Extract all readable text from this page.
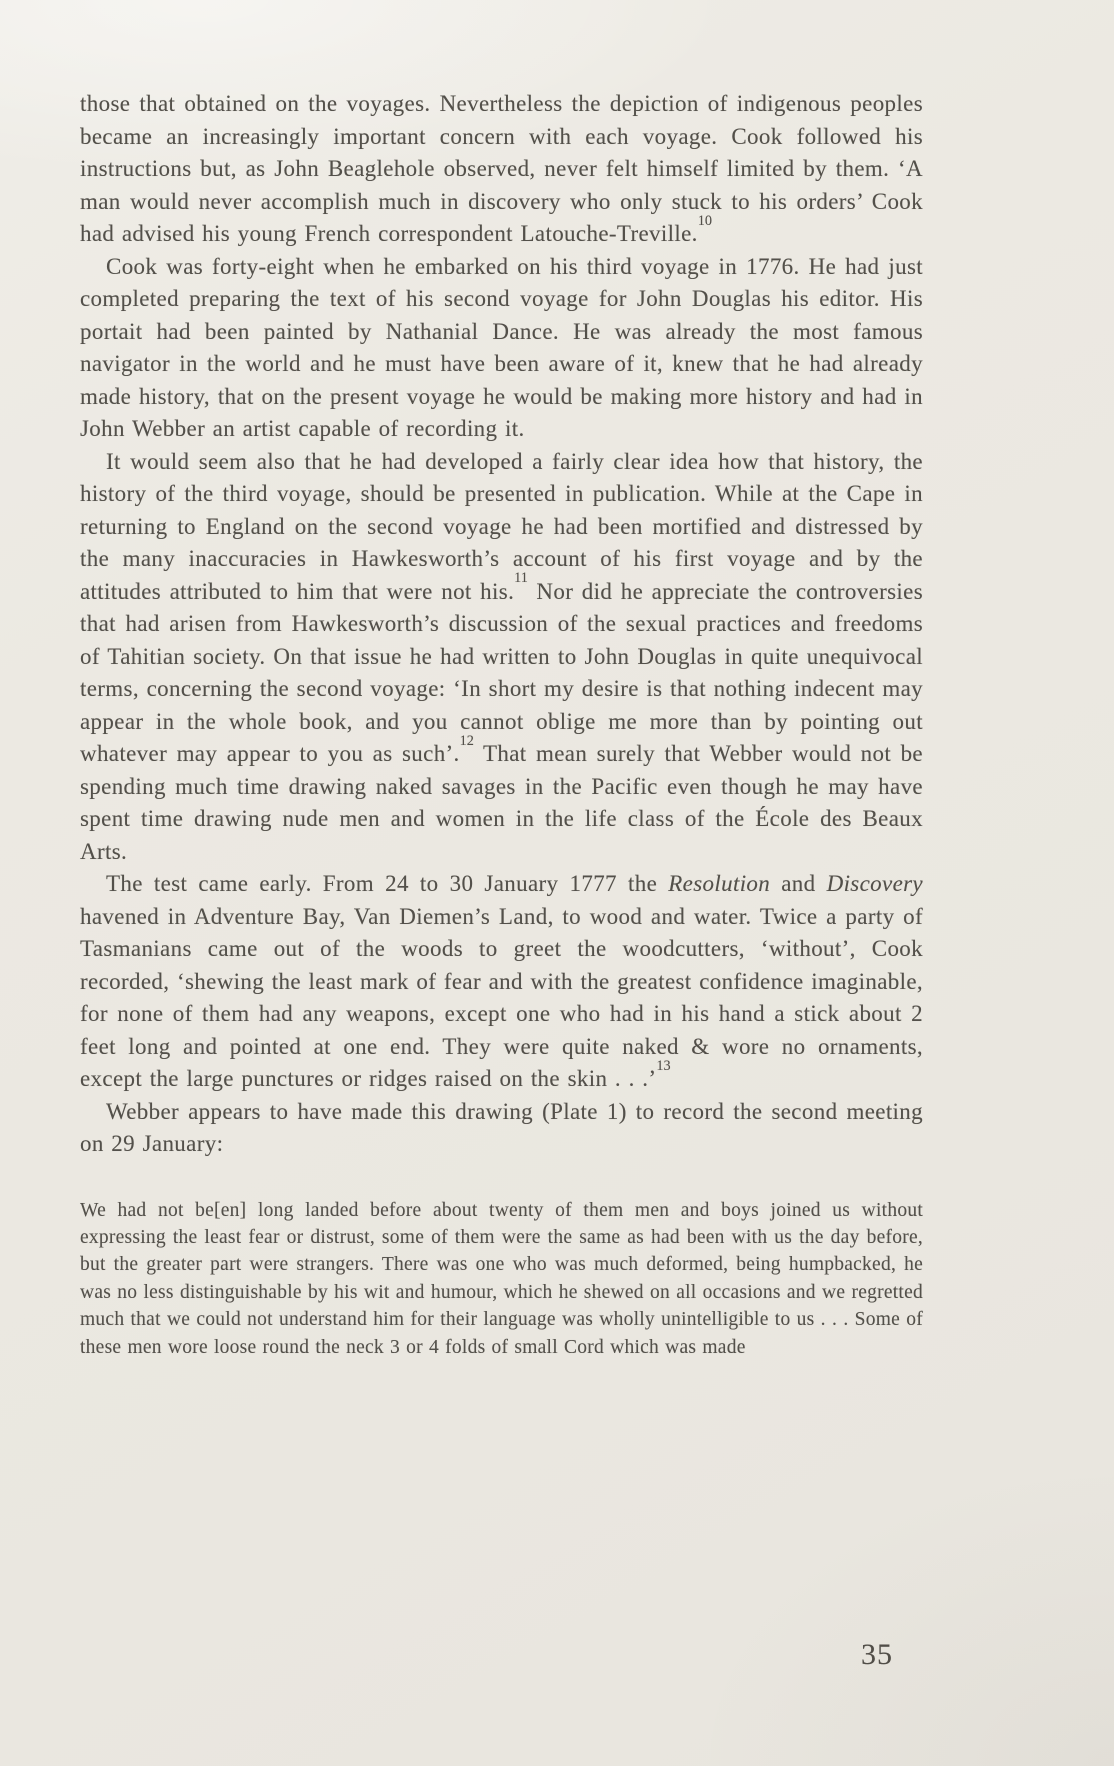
those that obtained on the voyages. Nevertheless the depiction of indigenous peoples became an increasingly important concern with each voyage. Cook followed his instructions but, as John Beaglehole observed, never felt himself limited by them. ‘A man would never accomplish much in discovery who only stuck to his orders’ Cook had advised his young French correspondent Latouche-Treville.$^{10}$

Cook was forty-eight when he embarked on his third voyage in 1776. He had just completed preparing the text of his second voyage for John Douglas his editor. His portait had been painted by Nathanial Dance. He was already the most famous navigator in the world and he must have been aware of it, knew that he had already made history, that on the present voyage he would be making more history and had in John Webber an artist capable of recording it.

It would seem also that he had developed a fairly clear idea how that history, the history of the third voyage, should be presented in publication. While at the Cape in returning to England on the second voyage he had been mortified and distressed by the many inaccuracies in Hawkesworth’s account of his first voyage and by the attitudes attributed to him that were not his.$^{11}$ Nor did he appreciate the controversies that had arisen from Hawkesworth’s discussion of the sexual practices and freedoms of Tahitian society. On that issue he had written to John Douglas in quite unequivocal terms, concerning the second voyage: ‘In short my desire is that nothing indecent may appear in the whole book, and you cannot oblige me more than by pointing out whatever may appear to you as such’.$^{12}$ That mean surely that Webber would not be spending much time drawing naked savages in the Pacific even though he may have spent time drawing nude men and women in the life class of the École des Beaux Arts.

The test came early. From 24 to 30 January 1777 the Resolution and Discovery havened in Adventure Bay, Van Diemen’s Land, to wood and water. Twice a party of Tasmanians came out of the woods to greet the woodcutters, ‘without’, Cook recorded, ‘shewing the least mark of fear and with the greatest confidence imaginable, for none of them had any weapons, except one who had in his hand a stick about 2 feet long and pointed at one end. They were quite naked & wore no ornaments, except the large punctures or ridges raised on the skin . . .’$^{13}$

Webber appears to have made this drawing (Plate 1) to record the second meeting on 29 January:

We had not be[en] long landed before about twenty of them men and boys joined us without expressing the least fear or distrust, some of them were the same as had been with us the day before, but the greater part were strangers. There was one who was much deformed, being humpbacked, he was no less distinguishable by his wit and humour, which he shewed on all occasions and we regretted much that we could not understand him for their language was wholly unintelligible to us . . . Some of these men wore loose round the neck 3 or 4 folds of small Cord which was made

35
